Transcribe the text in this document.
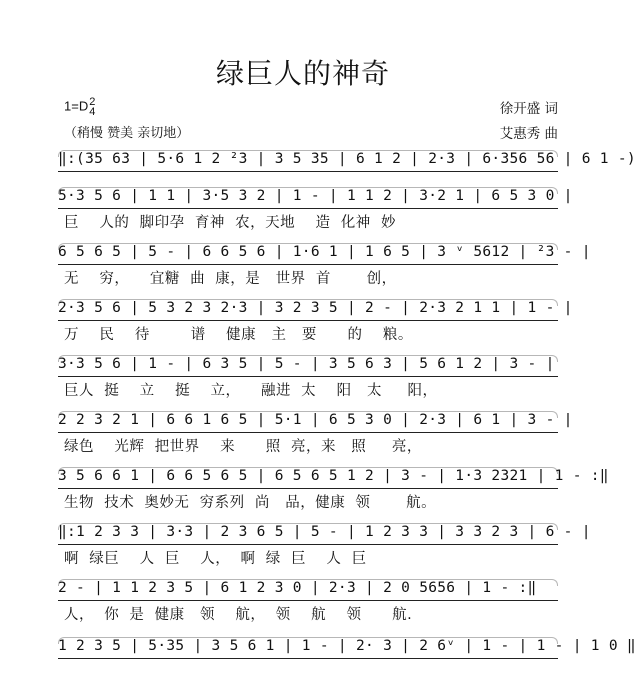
绿巨人的神奇
1=D2
4
（稍慢 赞美 亲切地）
徐开盛 词
艾惠秀 曲
‖:(35 63 | 5·6 1 2 ²3 | 3 5 35 | 6 1 2 | 2·3 | 6·356 56 | 6 1 -)
5·3 5 6 | 1 1 | 3·5 3 2 | 1 - | 1 1 2 | 3·2 1 | 6 5 3 0 |
巨    人的  脚印孕  育神  农，天地    造  化神  妙
6 5 6 5 | 5 - | 6 6 5 6 | 1·6 1 | 1 6 5 | 3 ᵛ 5612 | ²3 - |
无    穷，    宜糖  曲  康，是   世界  首       创，
2·3 5 6 | 5 3 2 3 2·3 | 3 2 3 5 | 2 - | 2·3 2 1 1 | 1 - |
万    民    待        谱    健康   主   要      的    粮。
3·3 5 6 | 1 - | 6 3 5 | 5 - | 3 5 6 3 | 5 6 1 2 | 3 - |
巨人  挺    立    挺    立，    融进  太    阳   太     阳，
2 2 3 2 1 | 6 6 1 6 5 | 5·1 | 6 5 3 0 | 2·3 | 6 1 | 3 - |
绿色    光辉  把世界    来      照  亮，来   照     亮，
3 5 6 6 1 | 6 6 5 6 5 | 6 5 6 5 1 2 | 3 - | 1·3 2321 | 1 - :‖
生物  技术  奥妙无  穷系列  尚   品，健康  领       航。
‖:1 2 3 3 | 3·3 | 2 3 6 5 | 5 - | 1 2 3 3 | 3 3 2 3 | 6 - |
啊  绿巨    人  巨    人，  啊  绿  巨    人  巨
2 - | 1 1 2 3 5 | 6 1 2 3 0 | 2·3 | 2 0 5656 | 1 - :‖
人，  你  是  健康   领    航，  领    航    领      航.
1 2 3 5 | 5·35 | 3 5 6 1 | 1 - | 2· 3 | 2 6ᵛ | 1 - | 1 - | 1 0 ‖
